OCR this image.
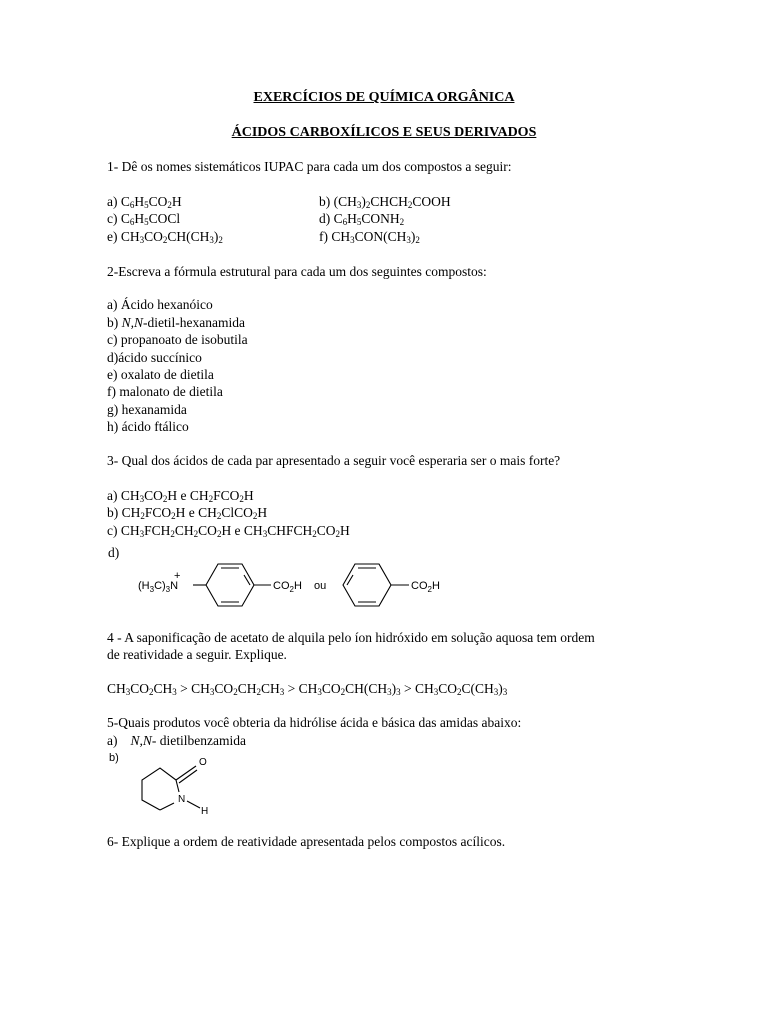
EXERCÍCIOS DE QUÍMICA ORGÂNICA
ÁCIDOS CARBOXÍLICOS E SEUS DERIVADOS
1- Dê os nomes sistemáticos IUPAC para cada um dos compostos a seguir:
a) $C_6H_5CO_2H$	b) $(CH_3)_2CHCH_2COOH$
c) $C_6H_5COCl$	d) $C_6H_5CONH_2$
e) $CH_3CO_2CH(CH_3)_2$	f) $CH_3CON(CH_3)_2$
2-Escreva a fórmula estrutural para cada um dos seguintes compostos:
a) Ácido hexanóico
b) N,N-dietil-hexanamida
c) propanoato de isobutila
d)ácido succínico
e) oxalato de dietila
f) malonato de dietila
g) hexanamida
h) ácido ftálico
3- Qual dos ácidos de cada par apresentado a seguir você esperaria ser o mais forte?
a) $CH_3CO_2H$ e $CH_2FCO_2H$
b) $CH_2FCO_2H$ e $CH_2ClCO_2H$
c) $CH_3FCH_2CH_2CO_2H$ e $CH_3CHFCH_2CO_2H$
d)
$(H_3C)_3N$
+
$CO_2H$ ou	$CO_2H$
4 - A saponificação de acetato de alquila pelo íon hidróxido em solução aquosa tem ordem
de reatividade a seguir. Explique.
$CH_3CO_2CH_3 > CH_3CO_2CH_2CH_3 > CH_3CO_2CH(CH_3)_3 > CH_3CO_2C(CH_3)_3$
5-Quais produtos você obteria da hidrólise ácida e básica das amidas abaixo:
a) N,N- dietilbenzamida
b)	O
N
H
6- Explique a ordem de reatividade apresentada pelos compostos acílicos.
